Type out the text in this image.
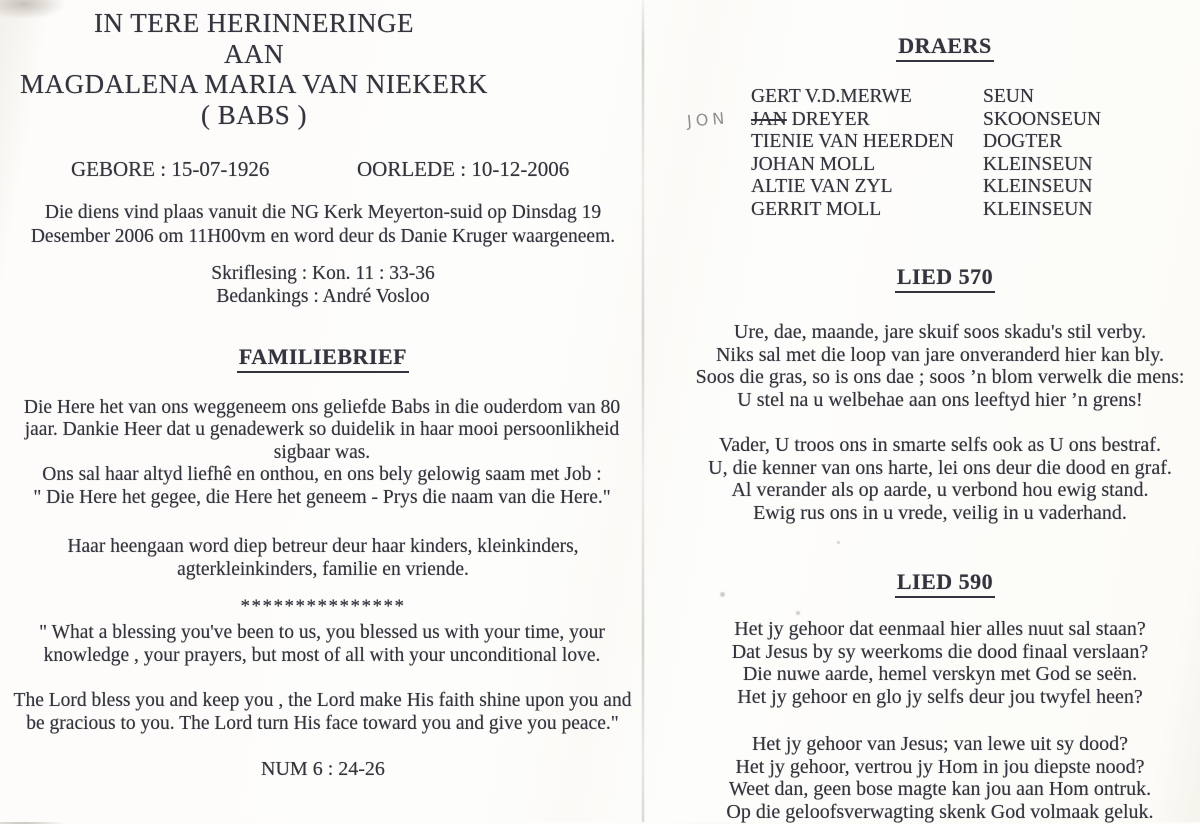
IN TERE HERINNERINGE
AAN
MAGDALENA MARIA VAN NIEKERK
( BABS )
GEBORE : 15-07-1926	OORLEDE : 10-12-2006
Die diens vind plaas vanuit die NG Kerk Meyerton-suid op Dinsdag 19
Desember 2006 om 11H00vm en word deur ds Danie Kruger waargeneem.
Skriflesing : Kon. 11 : 33-36
Bedankings : André Vosloo
FAMILIEBRIEF
Die Here het van ons weggeneem ons geliefde Babs in die ouderdom van 80
jaar. Dankie Heer dat u genadewerk so duidelik in haar mooi persoonlikheid
sigbaar was.
Ons sal haar altyd liefhê en onthou, en ons bely gelowig saam met Job :
" Die Here het gegee, die Here het geneem - Prys die naam van die Here."
Haar heengaan word diep betreur deur haar kinders, kleinkinders,
agterkleinkinders, familie en vriende.
***************
" What a blessing you've been to us, you blessed us with your time, your
knowledge , your prayers, but most of all with your unconditional love.
The Lord bless you and keep you , the Lord make His faith shine upon you and
be gracious to you. The Lord turn His face toward you and give you peace."
NUM 6 : 24-26
DRAERS
GERT V.D.MERWE	SEUN
JON JAN DREYER	SKOONSEUN
TIENIE VAN HEERDEN DOGTER
JOHAN MOLL	KLEINSEUN
ALTIE VAN ZYL	KLEINSEUN
GERRIT MOLL	KLEINSEUN
LIED 570
Ure, dae, maande, jare skuif soos skadu's stil verby.
Niks sal met die loop van jare onveranderd hier kan bly.
Soos die gras, so is ons dae ; soos ’n blom verwelk die mens:
U stel na u welbehae aan ons leeftyd hier ’n grens!
Vader, U troos ons in smarte selfs ook as U ons bestraf.
U, die kenner van ons harte, lei ons deur die dood en graf.
Al verander als op aarde, u verbond hou ewig stand.
Ewig rus ons in u vrede, veilig in u vaderhand.
LIED 590
Het jy gehoor dat eenmaal hier alles nuut sal staan?
Dat Jesus by sy weerkoms die dood finaal verslaan?
Die nuwe aarde, hemel verskyn met God se seën.
Het jy gehoor en glo jy selfs deur jou twyfel heen?
Het jy gehoor van Jesus; van lewe uit sy dood?
Het jy gehoor, vertrou jy Hom in jou diepste nood?
Weet dan, geen bose magte kan jou aan Hom ontruk.
Op die geloofsverwagting skenk God volmaak geluk.
